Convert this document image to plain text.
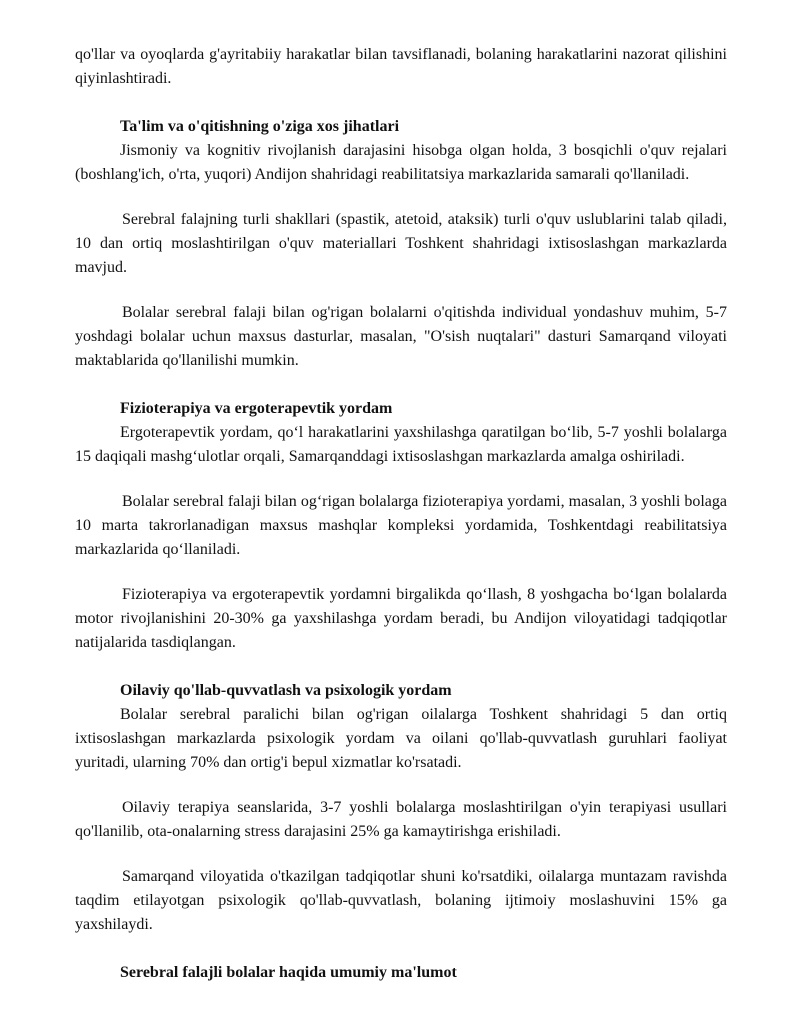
qo'llar va oyoqlarda g'ayritabiiy harakatlar bilan tavsiflanadi, bolaning harakatlarini nazorat qilishini qiyinlashtiradi.

Ta'lim va o'qitishning o'ziga xos jihatlari

Jismoniy va kognitiv rivojlanish darajasini hisobga olgan holda, 3 bosqichli o'quv rejalari (boshlang'ich, o'rta, yuqori) Andijon shahridagi reabilitatsiya markazlarida samarali qo'llaniladi.

Serebral falajning turli shakllari (spastik, atetoid, ataksik) turli o'quv uslublarini talab qiladi, 10 dan ortiq moslashtirilgan o'quv materiallari Toshkent shahridagi ixtisoslashgan markazlarda mavjud.

Bolalar serebral falaji bilan og'rigan bolalarni o'qitishda individual yondashuv muhim, 5-7 yoshdagi bolalar uchun maxsus dasturlar, masalan, "O'sish nuqtalari" dasturi Samarqand viloyati maktablarida qo'llanilishi mumkin.

Fizioterapiya va ergoterapevtik yordam

Ergoterapevtik yordam, qo‘l harakatlarini yaxshilashga qaratilgan bo‘lib, 5-7 yoshli bolalarga 15 daqiqali mashg‘ulotlar orqali, Samarqanddagi ixtisoslashgan markazlarda amalga oshiriladi.

Bolalar serebral falaji bilan og‘rigan bolalarga fizioterapiya yordami, masalan, 3 yoshli bolaga 10 marta takrorlanadigan maxsus mashqlar kompleksi yordamida, Toshkentdagi reabilitatsiya markazlarida qo‘llaniladi.

Fizioterapiya va ergoterapevtik yordamni birgalikda qo‘llash, 8 yoshgacha bo‘lgan bolalarda motor rivojlanishini 20-30% ga yaxshilashga yordam beradi, bu Andijon viloyatidagi tadqiqotlar natijalarida tasdiqlangan.

Oilaviy qo'llab-quvvatlash va psixologik yordam

Bolalar serebral paralichi bilan og'rigan oilalarga Toshkent shahridagi 5 dan ortiq ixtisoslashgan markazlarda psixologik yordam va oilani qo'llab-quvvatlash guruhlari faoliyat yuritadi, ularning 70% dan ortig'i bepul xizmatlar ko'rsatadi.

Oilaviy terapiya seanslarida, 3-7 yoshli bolalarga moslashtirilgan o'yin terapiyasi usullari qo'llanilib, ota-onalarning stress darajasini 25% ga kamaytirishga erishiladi.

Samarqand viloyatida o'tkazilgan tadqiqotlar shuni ko'rsatdiki, oilalarga muntazam ravishda taqdim etilayotgan psixologik qo'llab-quvvatlash, bolaning ijtimoiy moslashuvini 15% ga yaxshilaydi.

Serebral falajli bolalar haqida umumiy ma'lumot
